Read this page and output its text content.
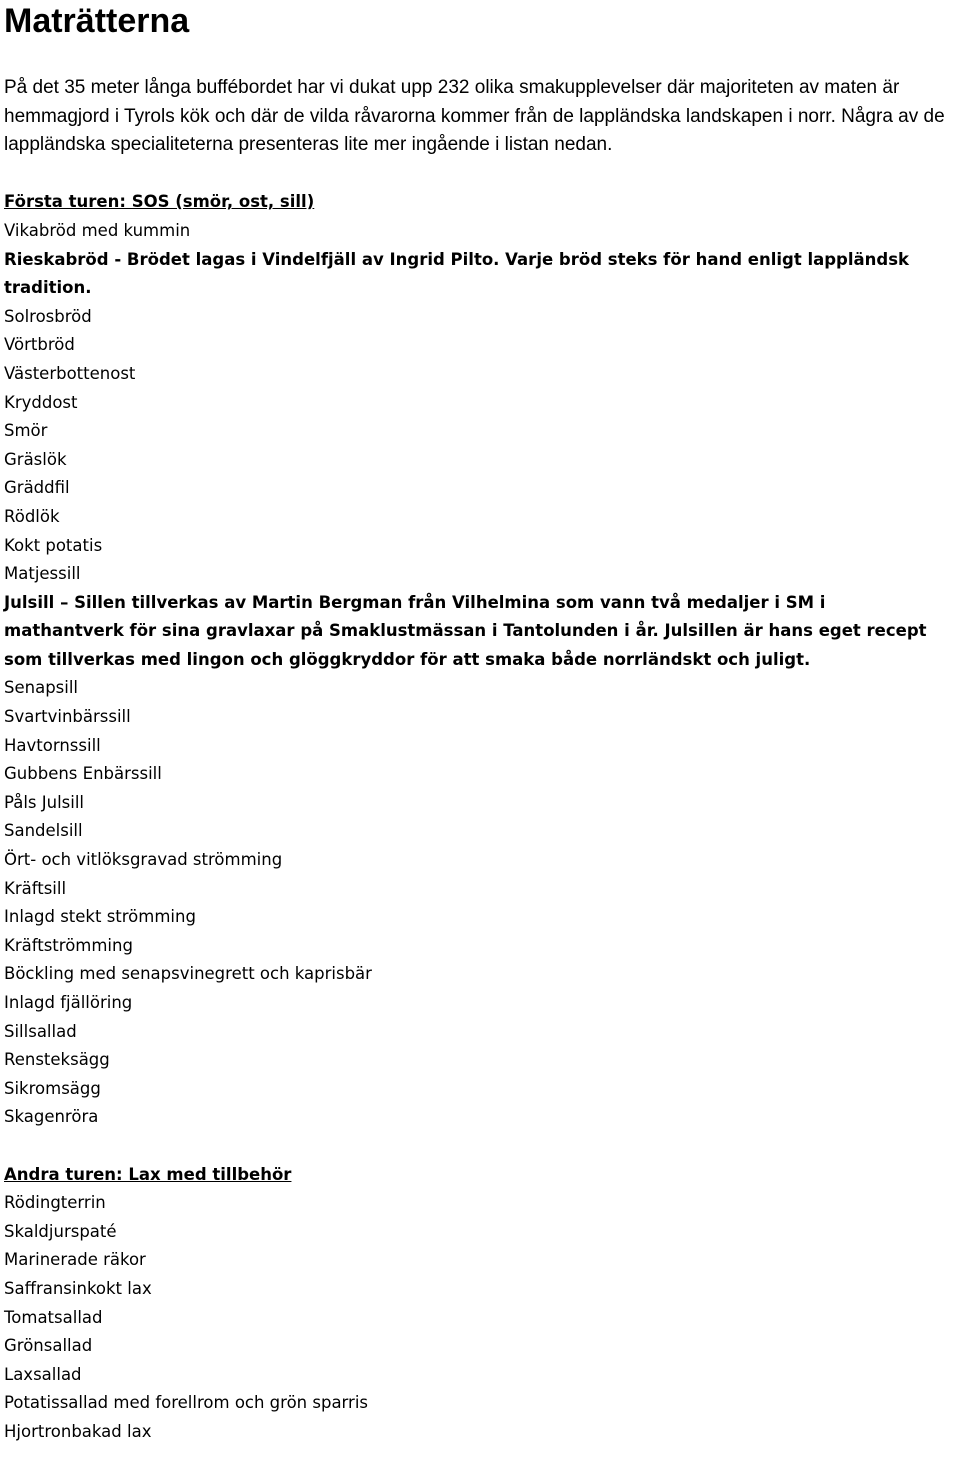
Maträtterna

På det 35 meter långa buffébordet har vi dukat upp 232 olika smakupplevelser där majoriteten av maten är hemmagjord i Tyrols kök och där de vilda råvarorna kommer från de lappländska landskapen i norr. Några av de lappländska specialiteterna presenteras lite mer ingående i listan nedan.

Första turen: SOS (smör, ost, sill)
Vikabröd med kummin
Rieskabröd - Brödet lagas i Vindelfjäll av Ingrid Pilto. Varje bröd steks för hand enligt lappländsk
tradition.
Solrosbröd
Vörtbröd
Västerbottenost
Kryddost
Smör
Gräslök
Gräddfil
Rödlök
Kokt potatis
Matjessill
Julsill – Sillen tillverkas av Martin Bergman från Vilhelmina som vann två medaljer i SM i
mathantverk för sina gravlaxar på Smaklustmässan i Tantolunden i år. Julsillen är hans eget recept
som tillverkas med lingon och glöggkryddor för att smaka både norrländskt och juligt.
Senapsill
Svartvinbärssill
Havtornssill
Gubbens Enbärssill
Påls Julsill
Sandelsill
Ört- och vitlöksgravad strömming
Kräftsill
Inlagd stekt strömming
Kräftströmming
Böckling med senapsvinegrett och kaprisbär
Inlagd fjällöring
Sillsallad
Rensteksägg
Sikromsägg
Skagenröra
Andra turen: Lax med tillbehör
Rödingterrin
Skaldjurspaté
Marinerade räkor
Saffransinkokt lax
Tomatsallad
Grönsallad
Laxsallad
Potatissallad med forellrom och grön sparris
Hjortronbakad lax
